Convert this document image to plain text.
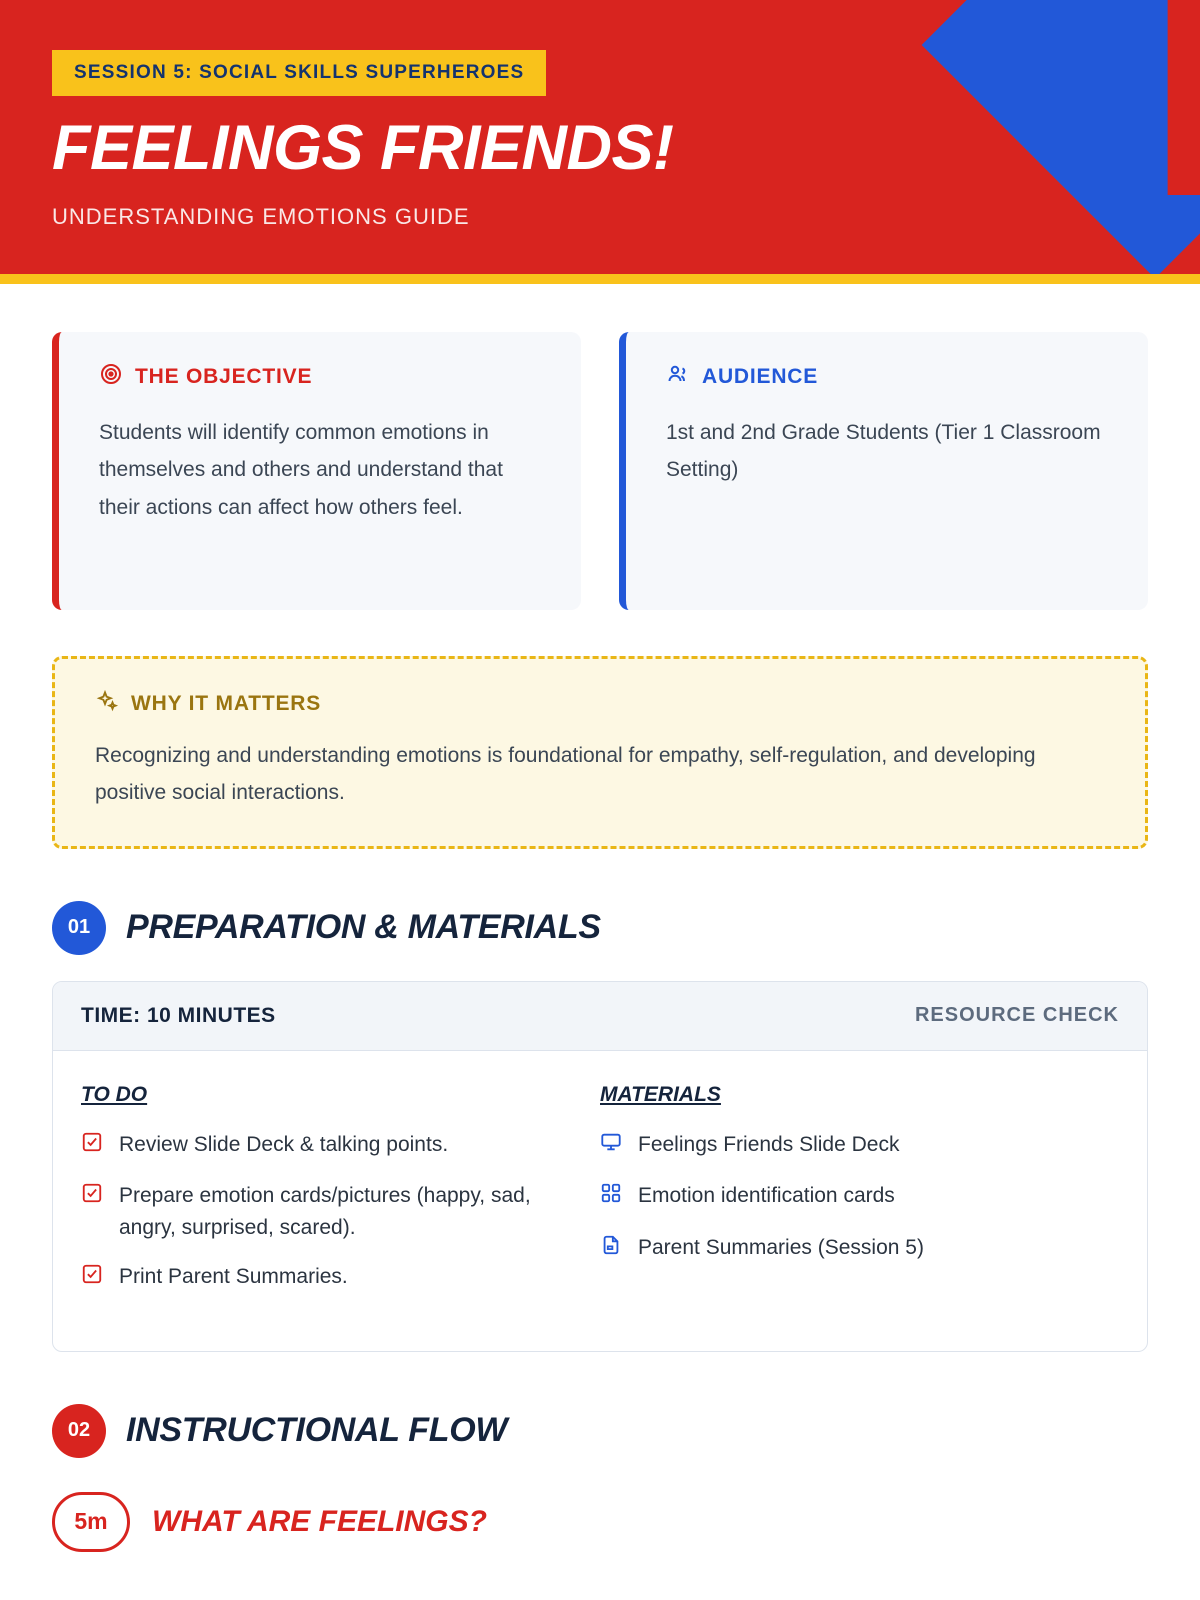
SESSION 5: SOCIAL SKILLS SUPERHEROES
FEELINGS FRIENDS!
UNDERSTANDING EMOTIONS GUIDE
THE OBJECTIVE
Students will identify common emotions in themselves and others and understand that their actions can affect how others feel.
AUDIENCE
1st and 2nd Grade Students (Tier 1 Classroom Setting)
WHY IT MATTERS
Recognizing and understanding emotions is foundational for empathy, self-regulation, and developing positive social interactions.
01	PREPARATION & MATERIALS
TIME: 10 MINUTES	RESOURCE CHECK
TO DO
Review Slide Deck & talking points.
Prepare emotion cards/pictures (happy, sad, angry, surprised, scared).
Print Parent Summaries.
MATERIALS
Feelings Friends Slide Deck
Emotion identification cards
Parent Summaries (Session 5)
02	INSTRUCTIONAL FLOW
5m	WHAT ARE FEELINGS?
